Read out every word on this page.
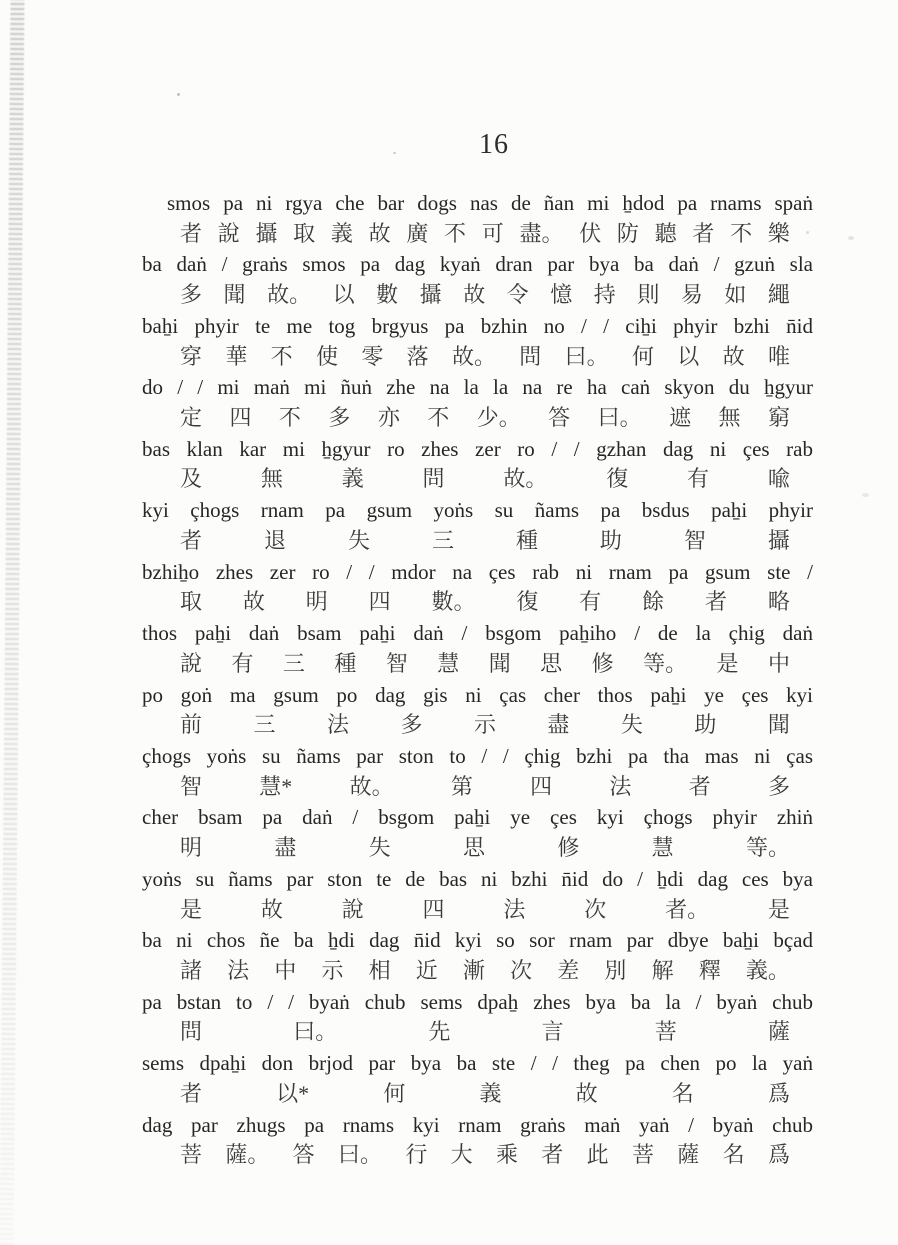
16
smos pa ni rgya che bar dogs nas de ñan mi ẖdod pa rnams spaṅ
者 說 攝 取 義 故 廣 不 可 盡。 伏 防 聽 者 不 樂
ba daṅ / graṅs smos pa dag kyaṅ dran par bya ba daṅ / gzuṅ sla
多 聞 故。 以 數 攝 故 令 憶 持 則 易 如 繩
baẖi phyir te me tog brgyus pa bzhin no / / ciẖi phyir bzhi n̄id
穿 華 不 使 零 落 故。 問 曰。 何 以 故 唯
do / / mi maṅ mi ñuṅ zhe na la la na re ha caṅ skyon du ẖgyur
定 四 不 多 亦 不 少。 答 曰。 遮 無 窮
bas klan kar mi ẖgyur ro zhes zer ro / / gzhan dag ni çes rab
及	無	義	問	故。	復	有	喩
kyi çhogs rnam pa gsum yoṅs su ñams pa bsdus paẖi phyir
者	退	失	三	種	助	智	攝
bzhiẖo zhes zer ro / / mdor na çes rab ni rnam pa gsum ste /
取 故 明 四 數。 復 有 餘 者 略
thos paẖi daṅ bsam paẖi daṅ / bsgom paẖiho / de la çhig daṅ
說 有 三 種 智 慧 聞 思 修 等。 是 中
po goṅ ma gsum po dag gis ni ças cher thos paẖi ye çes kyi
前 三 法 多 示 盡 失 助 聞
çhogs yoṅs su ñams par ston to / / çhig bzhi pa tha mas ni ças
智	慧*	故。	第	四	法	者	多
cher bsam pa daṅ / bsgom paẖi ye çes kyi çhogs phyir zhiṅ
明	盡	失	思	修	慧	等。
yoṅs su ñams par ston te de bas ni bzhi n̄id do / ẖdi dag ces bya
是	故	說	四	法	次	者。	是
ba ni chos ñe ba ẖdi dag n̄id kyi so sor rnam par dbye baẖi bçad
諸 法 中 示 相 近 漸 次 差 別 解 釋 義。
pa bstan to / / byaṅ chub sems dpaẖ zhes bya ba la / byaṅ chub
問	曰。	先	言	菩	薩
sems dpaẖi don brjod par bya ba ste / / theg pa chen po la yaṅ
者	以*	何	義	故	名	爲
dag par zhugs pa rnams kyi rnam graṅs maṅ yaṅ / byaṅ chub
菩 薩。 答 曰。 行 大 乘 者 此 菩 薩 名 爲
